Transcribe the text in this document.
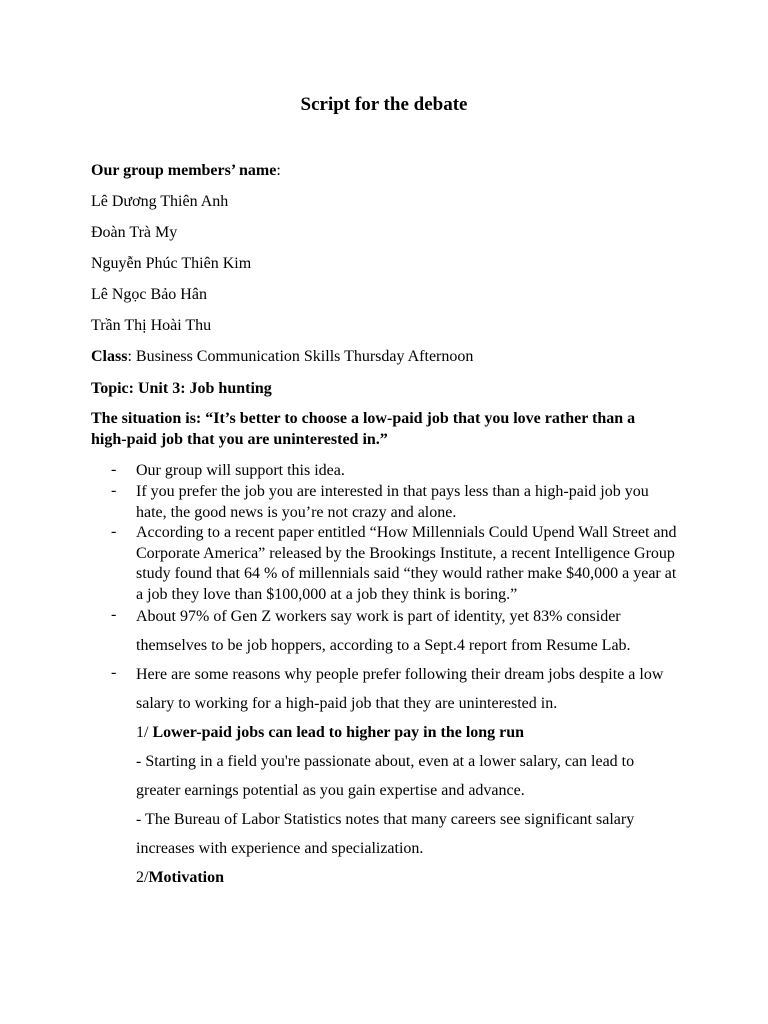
Script for the debate

Our group members’ name:

Lê Dương Thiên Anh

Đoàn Trà My

Nguyễn Phúc Thiên Kim

Lê Ngọc Bảo Hân

Trần Thị Hoài Thu

Class: Business Communication Skills Thursday Afternoon

Topic: Unit 3: Job hunting

The situation is: “It’s better to choose a low-paid job that you love rather than a high-paid job that you are uninterested in.”

- Our group will support this idea.
- If you prefer the job you are interested in that pays less than a high-paid job you hate, the good news is you’re not crazy and alone.
- According to a recent paper entitled “How Millennials Could Upend Wall Street and Corporate America” released by the Brookings Institute, a recent Intelligence Group study found that 64 % of millennials said “they would rather make $40,000 a year at a job they love than $100,000 at a job they think is boring.”
- About 97% of Gen Z workers say work is part of identity, yet 83% consider themselves to be job hoppers, according to a Sept.4 report from Resume Lab.
- Here are some reasons why people prefer following their dream jobs despite a low salary to working for a high-paid job that they are uninterested in.

1/ Lower-paid jobs can lead to higher pay in the long run

- Starting in a field you're passionate about, even at a lower salary, can lead to greater earnings potential as you gain expertise and advance.

- The Bureau of Labor Statistics notes that many careers see significant salary increases with experience and specialization.

2/Motivation
